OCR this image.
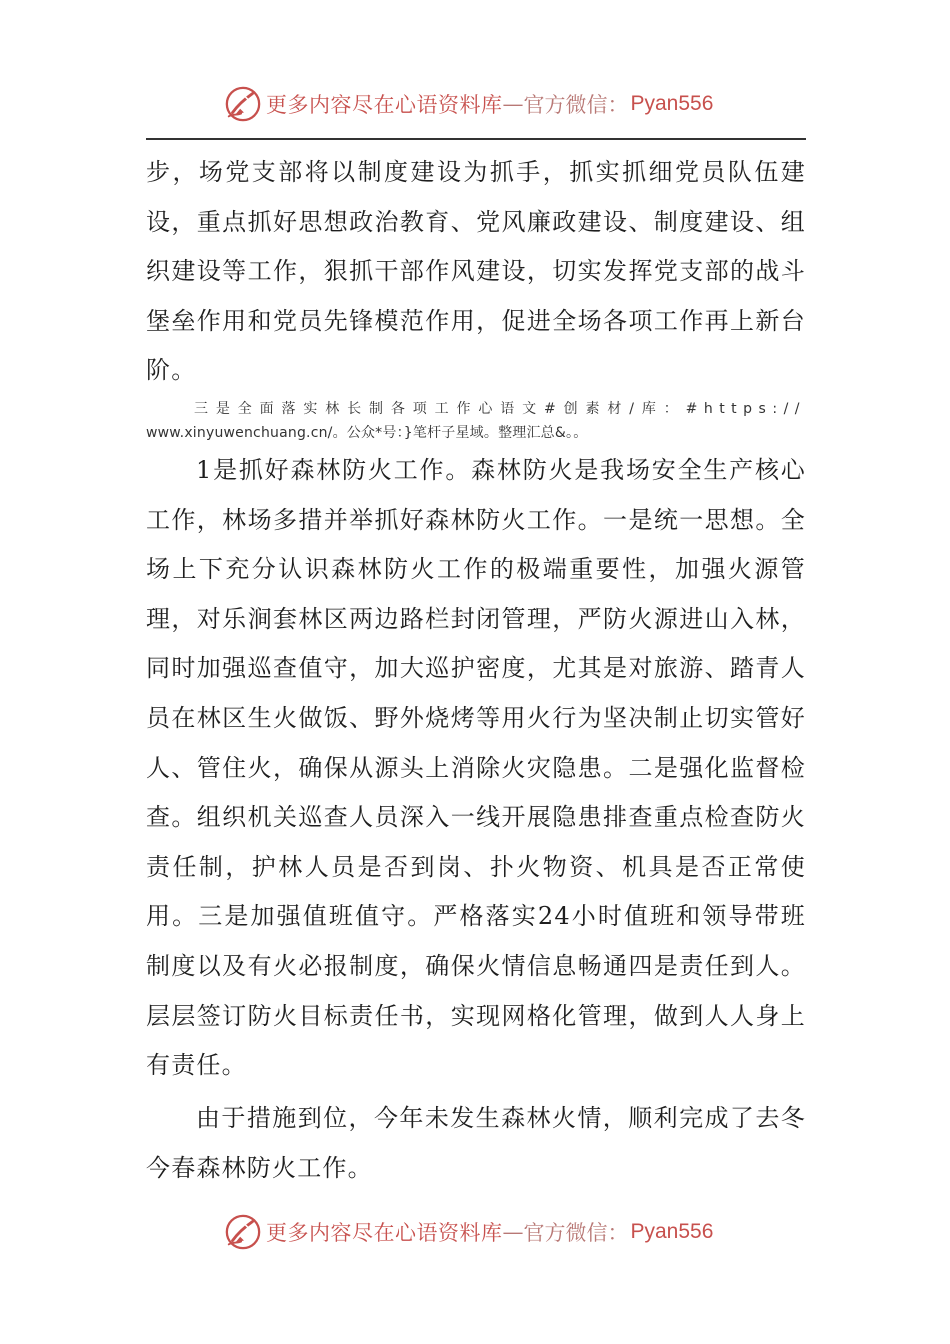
更多内容尽在心语资料库 — 官方微信： Pyan556

步，场党支部将以制度建设为抓手，抓实抓细党员队伍建设，重点抓好思想政治教育、党风廉政建设、制度建设、组织建设等工作，狠抓干部作风建设，切实发挥党支部的战斗堡垒作用和党员先锋模范作用，促进全场各项工作再上新台阶。

三是全面落实林长制各项工作心语文#创素材/库：#https://
www.xinyuwenchuang.cn/。公众*号：}笔杆子星域。整理汇总&。。

1是抓好森林防火工作。森林防火是我场安全生产核心工作，林场多措并举抓好森林防火工作。一是统一思想。全场上下充分认识森林防火工作的极端重要性，加强火源管理，对乐涧套林区两边路栏封闭管理，严防火源进山入林，同时加强巡查值守，加大巡护密度，尤其是对旅游、踏青人员在林区生火做饭、野外烧烤等用火行为坚决制止切实管好人、管住火，确保从源头上消除火灾隐患。二是强化监督检查。组织机关巡查人员深入一线开展隐患排查重点检查防火责任制，护林人员是否到岗、扑火物资、机具是否正常使用。三是加强值班值守。严格落实24小时值班和领导带班制度以及有火必报制度，确保火情信息畅通四是责任到人。层层签订防火目标责任书，实现网格化管理，做到人人身上有责任。

由于措施到位，今年未发生森林火情，顺利完成了去冬今春森林防火工作。

更多内容尽在心语资料库 — 官方微信： Pyan556
